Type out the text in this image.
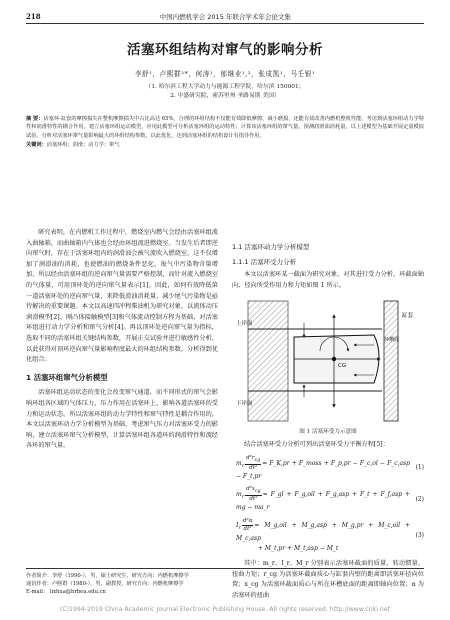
218	中国内燃机学会 2015 年联合学术年会论文集
活塞环组结构对窜气的影响分析
李舒¹，卢熙群²*，何涛¹，郁继业¹,²，张成凯¹，马壬银¹
（1. 哈尔滨工程大学动力与能源工程学院，哈尔滨 150001；
2. 中盛研究院，密苏里州 圣路易斯 美国）
摘 要：活塞环-缸套的摩擦损失在整机摩擦损失中占比高达 65%，合理的环组结构不仅能有效降低摩擦、减小磨损，还能有效改善内燃机整机性能。考虑到活塞环组动力学特性和润滑特性的耦合作用，建立活塞环组运动模型，应用此模型可分析活塞环组的运动特性；计算该活塞环组的窜气量，预测润滑油消耗量。以上述模型为基础开展定量模拟试验，分析对活塞环窜气量影响最大的环组结构参数，以此优化，达到活塞环组的结构设计有指导作用。
关键词：活塞环组；润滑；动力学；窜气

研究表明，在内燃机工作过程中，燃烧室内燃气会经由活塞环组流入曲轴箱，而曲轴箱内气体也会经由环组流进燃烧室。当发生后者即逆向窜气时，存在于活塞环组内的润滑油会被气流吹入燃烧室，这不仅增加了润滑油的消耗，也使燃油的燃烧条件恶化，废气中污染物含量增加。所以经由活塞环组的逆向窜气量需要严格控制，而针对流入燃烧室的气体量，可用顶环处的逆向窜气量表示[1]。因此，如何有效降低第一道活塞环处的逆向窜气量，来降低滑油消耗量、减少尾气污染物是亟待解决的重要课题。本文以高速四冲程柴油机为研究对象，以流体动压润滑模型[2]、刚凸体接触模型[3]和气体流动控制方程为基础，对活塞环组进行动力学分析和窜气分析[4]。再以顶环处逆向窜气量为指标，选取不同的活塞环组关键结构参数，开展正交试验并进行敏感性分析，以此获得对顶环逆向窜气量影响程度最大的环组结构参数，分析得到优化组合。

1 活塞环组窜气分析模型

活塞环组运动状态的变化会改变窜气通道，而不同形式的窜气会影响环组各区域的气体压力，压力作用在活塞环上，影响各道活塞环的受力和运动状态。所以活塞环组的动力学特性和窜气特性是耦合作用的，本文以活塞环动力学分析模型为基础，考虑窜气压力对活塞环受力的影响，建立活塞环窜气分析模型，计算活塞环组各道环的润滑特性和流经各环的窜气量。

1.1 活塞环动力学分析模型
1.1.1 活塞环受力分析

本文以活塞环某一截面为研究对象，对其进行受力分析，环截面轴向、径向所受作用力和力矩如图 1 所示。

上岸面
缸套
环槽面
CG
下岸面
图 1 活塞环受力示意图

结合活塞环受力分析可列出活塞环受力平衡方程[5]：

$m_r \frac{d^2r_{cg}}{\text{dt²}}$ = F_K,pr + F_moss + F_p,pr − F_c,ol − F_c,asp − F_t,pr
(1)
$m_r \frac{d^2x_{cg}}{\text{dt²}}$ = F_gl + F_g,oil + F_g,asp + F_t + F_f,asp + mg − ma_r
(2)
$I_r \frac{\text{d²α}}{\text{dt²}}$ = M_g,oil + M_g,asp + M_g,pr + M_c,oil + M_c,asp
+ M_t,pr + M_t,asp − M_t
(3)

其中：m_r、I_r、M_r 分别表示活塞环截面的质量、转动惯量、扭曲力矩；r_cg 为活塞环截面质心与缸套内壁的距离即活塞环径向位置；x_cg 为活塞环截面质心与所在环槽底面的距离即轴向位置；α 为活塞环的扭曲

作者简介：李舒（1990-），男，硕士研究生，研究方向：内燃机摩擦学
通讯作者：卢熙群（1980-），男，副教授，研究方向：内燃机摩擦学
E-mail： lixhua@hrbeu.edu.cn
(C)1994-2019 China Academic Journal Electronic Publishing House. All rights reserved. http://www.cnki.net
